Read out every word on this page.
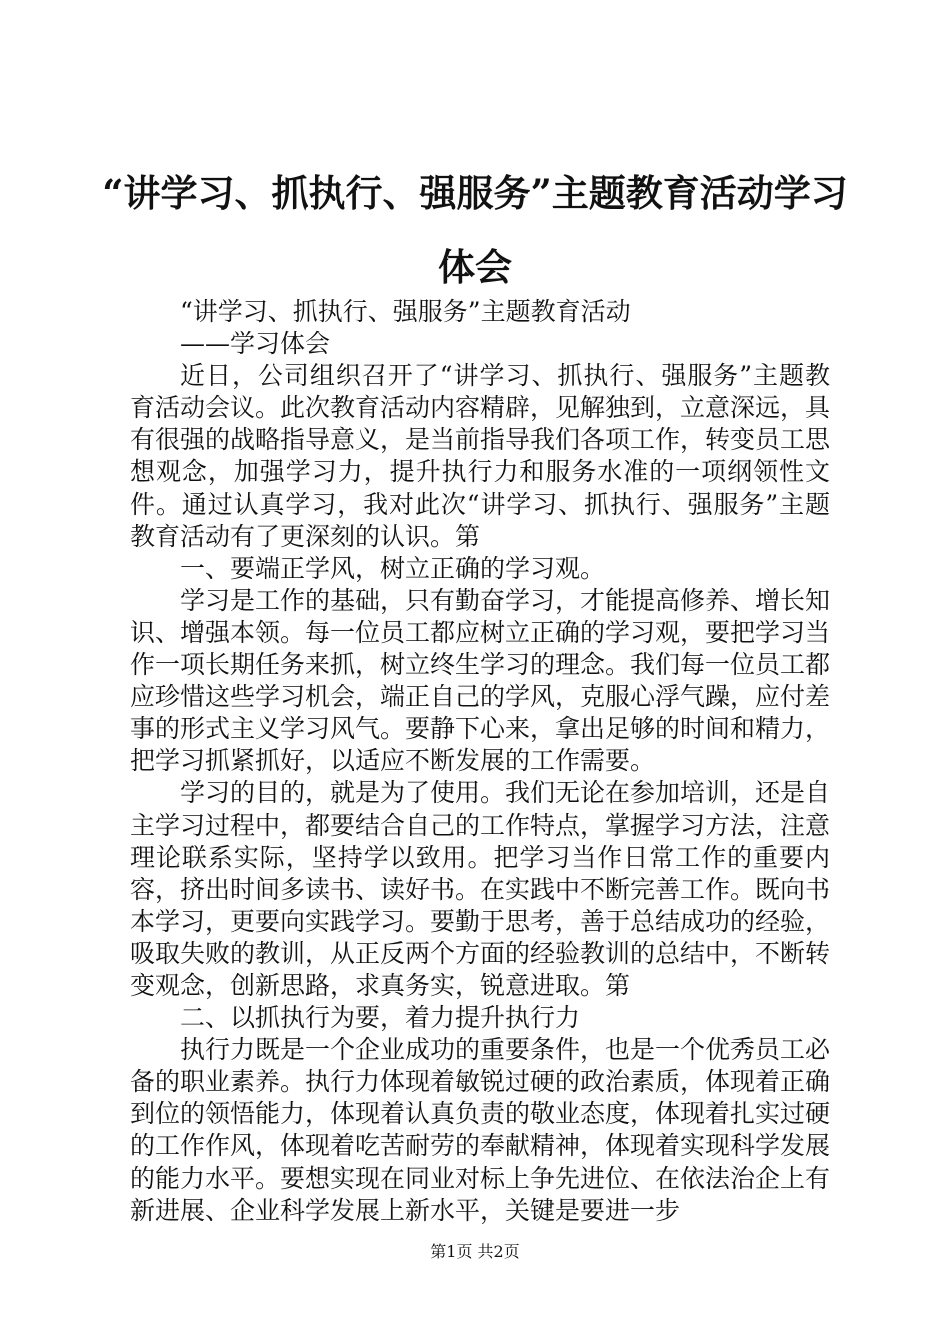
“讲学习、抓执行、强服务”主题教育活动学习体会

“讲学习、抓执行、强服务”主题教育活动

——学习体会

近日，公司组织召开了“讲学习、抓执行、强服务”主题教育活动会议。此次教育活动内容精辟，见解独到，立意深远，具有很强的战略指导意义，是当前指导我们各项工作，转变员工思想观念，加强学习力，提升执行力和服务水准的一项纲领性文件。通过认真学习，我对此次“讲学习、抓执行、强服务”主题教育活动有了更深刻的认识。第

一、要端正学风，树立正确的学习观。

学习是工作的基础，只有勤奋学习，才能提高修养、增长知识、增强本领。每一位员工都应树立正确的学习观，要把学习当作一项长期任务来抓，树立终生学习的理念。我们每一位员工都应珍惜这些学习机会，端正自己的学风，克服心浮气躁，应付差事的形式主义学习风气。要静下心来，拿出足够的时间和精力，把学习抓紧抓好，以适应不断发展的工作需要。

学习的目的，就是为了使用。我们无论在参加培训，还是自主学习过程中，都要结合自己的工作特点，掌握学习方法，注意理论联系实际，坚持学以致用。把学习当作日常工作的重要内容，挤出时间多读书、读好书。在实践中不断完善工作。既向书本学习，更要向实践学习。要勤于思考，善于总结成功的经验，吸取失败的教训，从正反两个方面的经验教训的总结中，不断转变观念，创新思路，求真务实，锐意进取。第

二、以抓执行为要，着力提升执行力

执行力既是一个企业成功的重要条件，也是一个优秀员工必备的职业素养。执行力体现着敏锐过硬的政治素质，体现着正确到位的领悟能力，体现着认真负责的敬业态度，体现着扎实过硬的工作作风，体现着吃苦耐劳的奉献精神，体现着实现科学发展的能力水平。要想实现在同业对标上争先进位、在依法治企上有新进展、企业科学发展上新水平，关键是要进一步

第1页 共2页
